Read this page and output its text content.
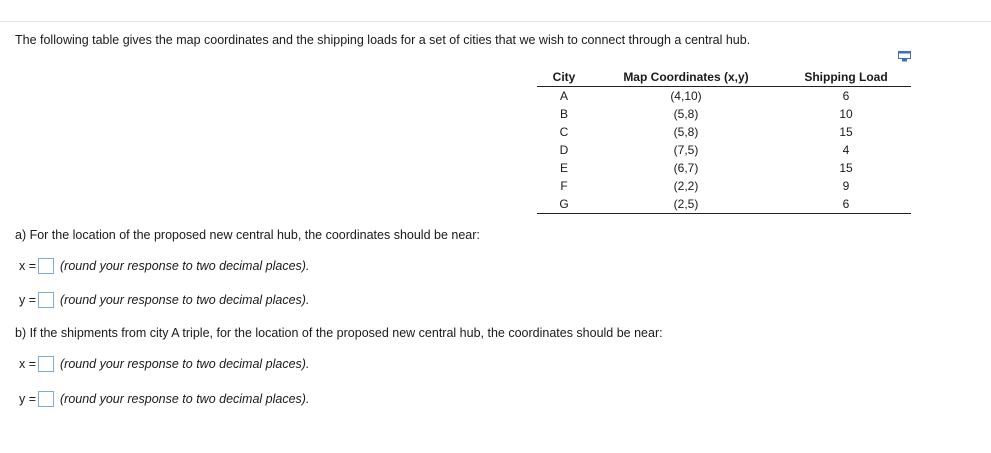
The following table gives the map coordinates and the shipping loads for a set of cities that we wish to connect through a central hub.
City	Map Coordinates (x,y)	Shipping Load
A	(4,10)	6
B	(5,8)	10
C	(5,8)	15
D	(7,5)	4
E	(6,7)	15
F	(2,2)	9
G	(2,5)	6
a) For the location of the proposed new central hub, the coordinates should be near:
x = (round your response to two decimal places).
y = (round your response to two decimal places).
b) If the shipments from city A triple, for the location of the proposed new central hub, the coordinates should be near:
x = (round your response to two decimal places).
y = (round your response to two decimal places).
